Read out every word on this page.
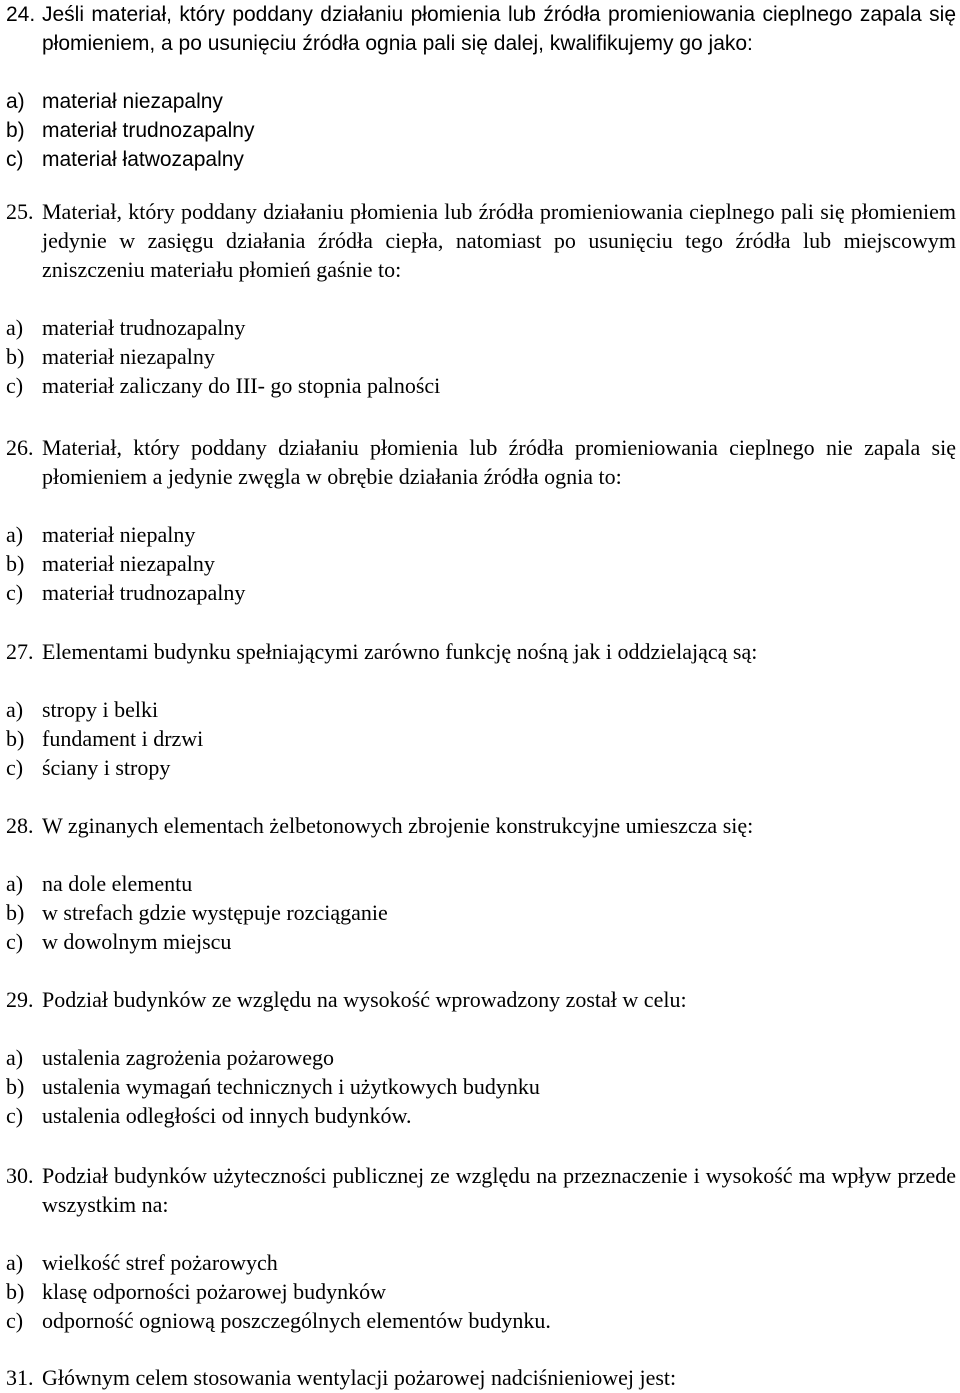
24. Jeśli materiał, który poddany działaniu płomienia lub źródła promieniowania cieplnego zapala się płomieniem, a po usunięciu źródła ognia pali się dalej, kwalifikujemy go jako:
a) materiał niezapalny
b) materiał trudnozapalny
c) materiał łatwozapalny
25. Materiał, który poddany działaniu płomienia lub źródła promieniowania cieplnego pali się płomieniem jedynie w zasięgu działania źródła ciepła, natomiast po usunięciu tego źródła lub miejscowym zniszczeniu materiału płomień gaśnie to:
a) materiał trudnozapalny
b) materiał niezapalny
c) materiał zaliczany do III- go stopnia palności
26. Materiał, który poddany działaniu płomienia lub źródła promieniowania cieplnego nie zapala się płomieniem a jedynie zwęgla w obrębie działania źródła ognia to:
a) materiał niepalny
b) materiał niezapalny
c) materiał trudnozapalny
27. Elementami budynku spełniającymi zarówno funkcję nośną jak i oddzielającą są:
a) stropy i belki
b) fundament i drzwi
c) ściany i stropy
28. W zginanych elementach żelbetonowych zbrojenie konstrukcyjne umieszcza się:
a) na dole elementu
b) w strefach gdzie występuje rozciąganie
c) w dowolnym miejscu
29. Podział budynków ze względu na wysokość wprowadzony został w celu:
a) ustalenia zagrożenia pożarowego
b) ustalenia wymagań technicznych i użytkowych budynku
c) ustalenia odległości od innych budynków.
30. Podział budynków użyteczności publicznej ze względu na przeznaczenie i wysokość ma wpływ przede wszystkim na:
a) wielkość stref pożarowych
b) klasę odporności pożarowej budynków
c) odporność ogniową poszczególnych elementów budynku.
31. Głównym celem stosowania wentylacji pożarowej nadciśnieniowej jest:
